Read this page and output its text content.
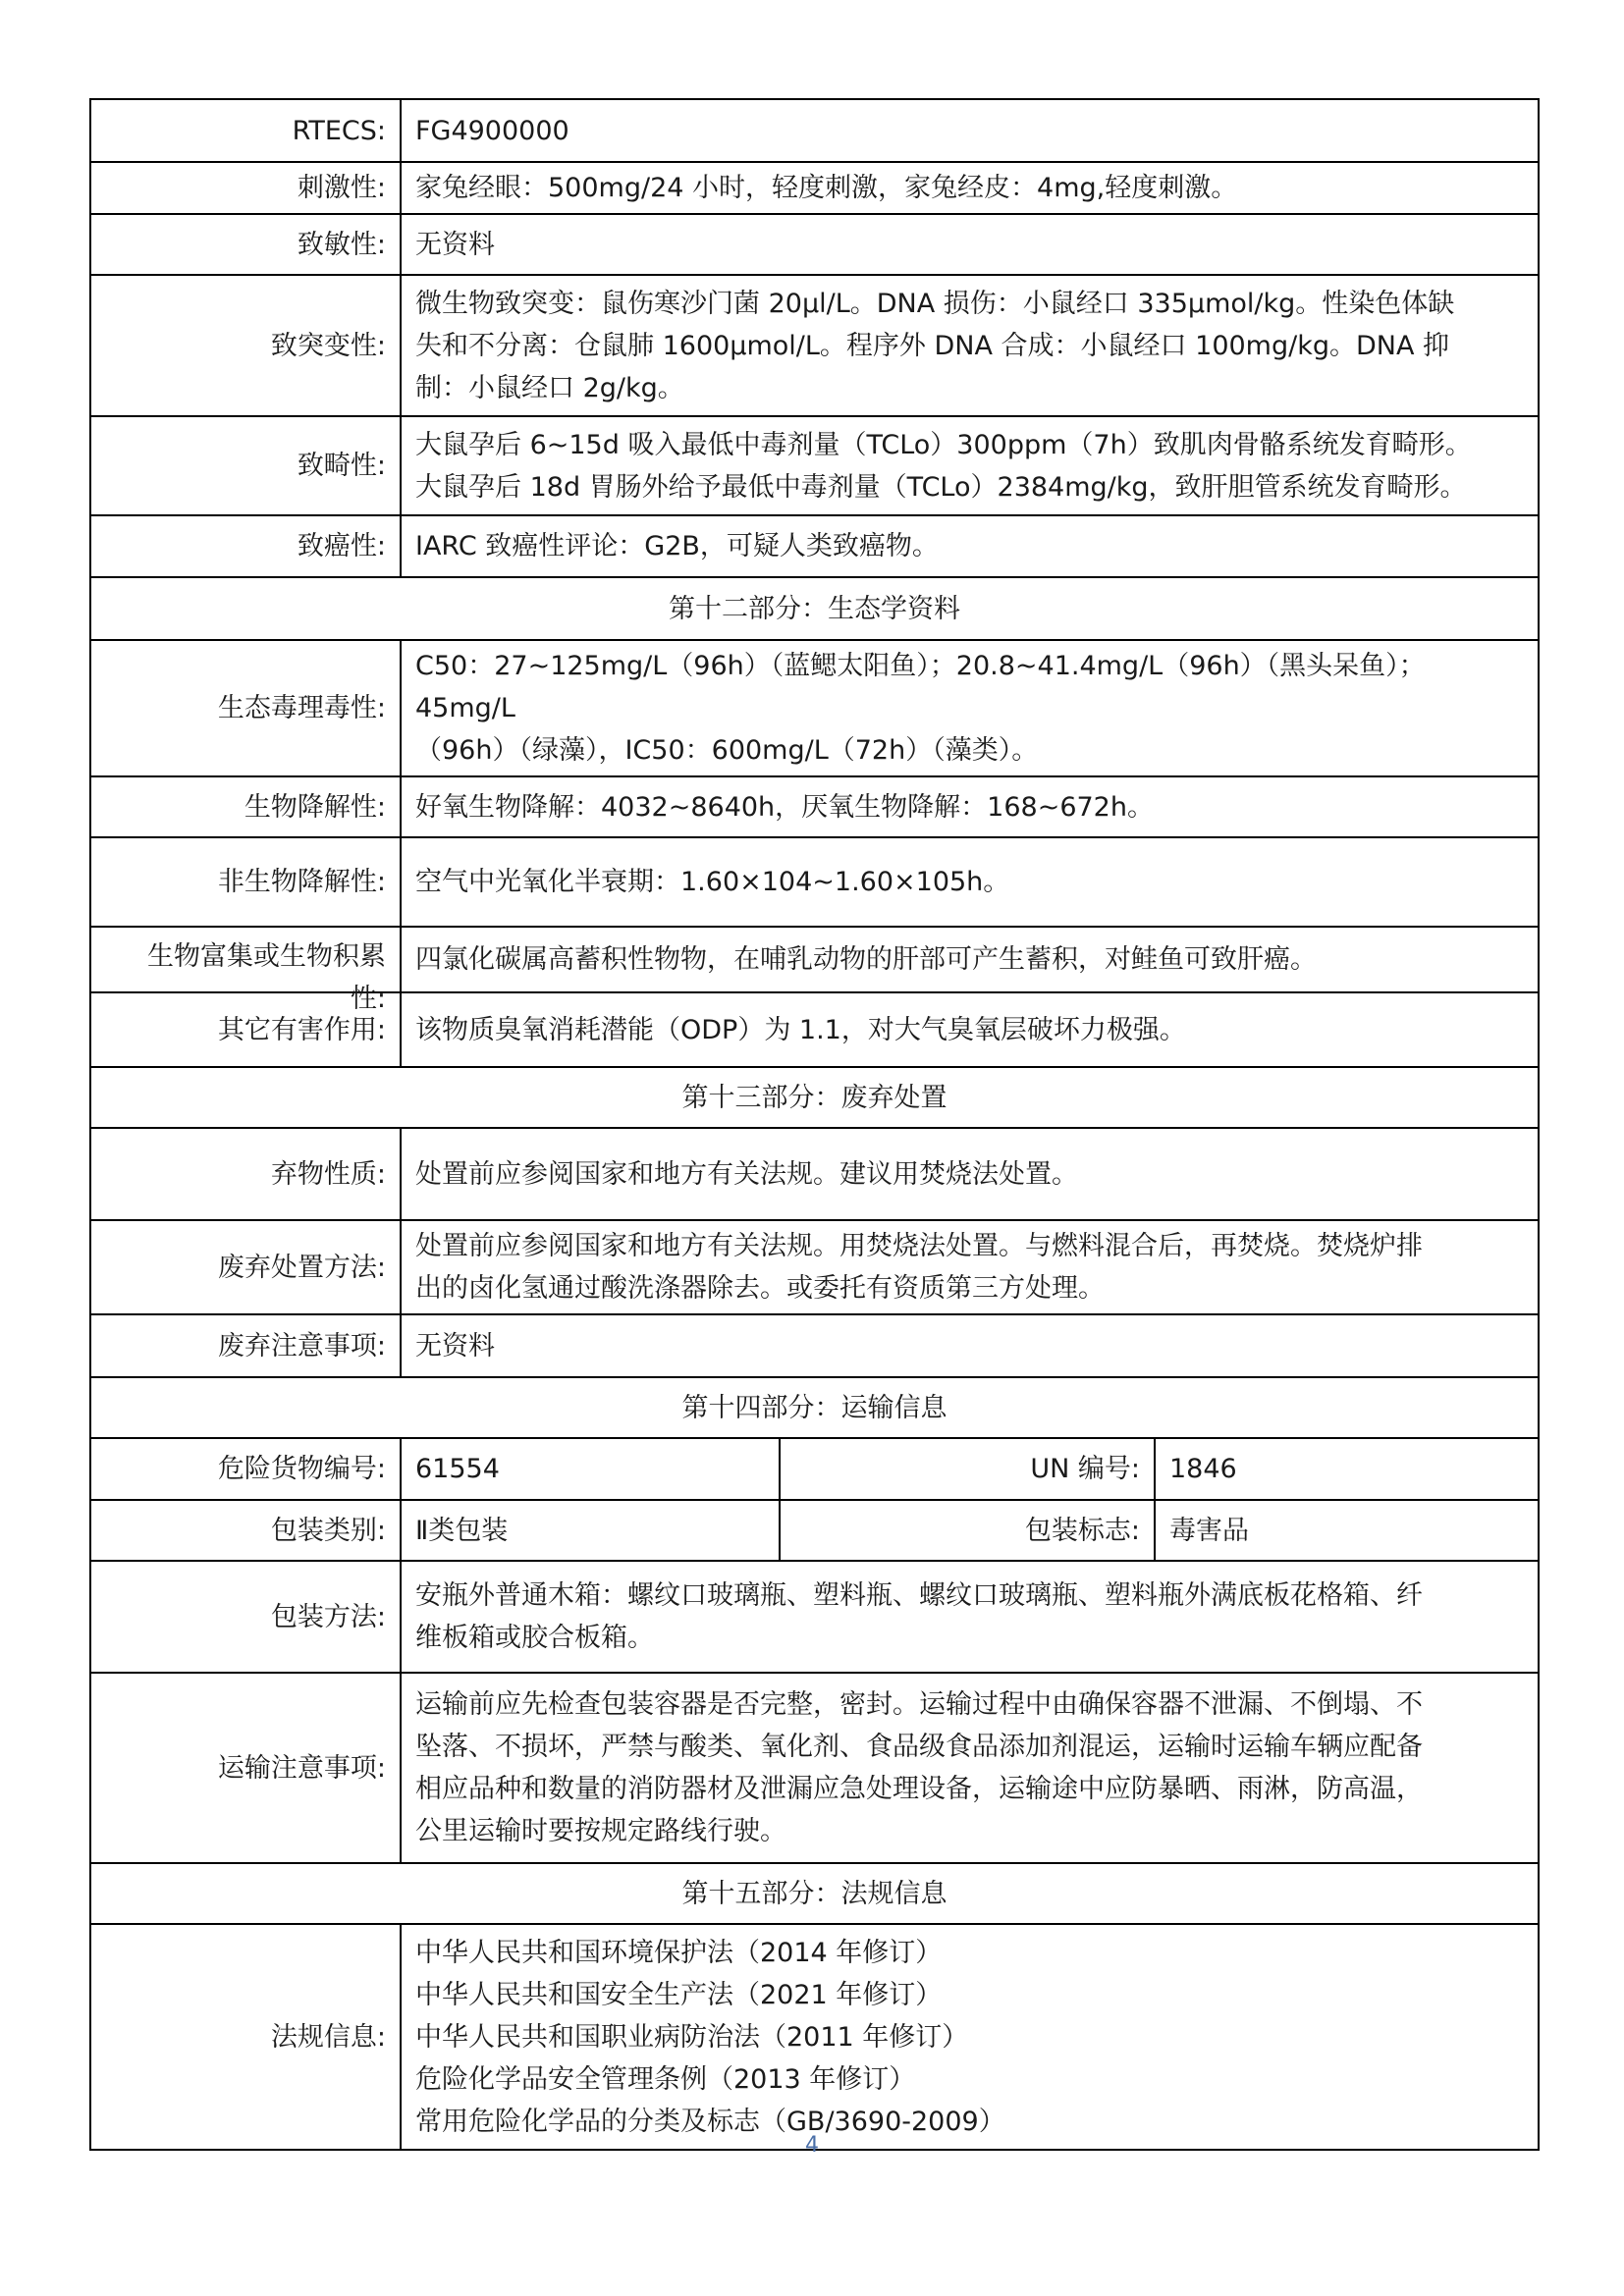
RTECS:	FG4900000		
刺激性:	家兔经眼：500mg/24 小时，轻度刺激，家兔经皮：4mg,轻度刺激。		
致敏性:	无资料		
致突变性:	微生物致突变：鼠伤寒沙门菌 20μl/L。DNA 损伤：小鼠经口 335μmol/kg。性染色体缺
失和不分离：仓鼠肺 1600μmol/L。程序外 DNA 合成：小鼠经口 100mg/kg。DNA 抑
制：小鼠经口 2g/kg。		

致畸性:	大鼠孕后 6~15d 吸入最低中毒剂量（TCLo）300ppm（7h）致肌肉骨骼系统发育畸形。
大鼠孕后 18d 胃肠外给予最低中毒剂量（TCLo）2384mg/kg，致肝胆管系统发育畸形。		

致癌性:	IARC 致癌性评论：G2B，可疑人类致癌物。		
第十二部分：生态学资料			
生态毒理毒性:	C50：27~125mg/L（96h）（蓝鳃太阳鱼）；20.8~41.4mg/L（96h）（黑头呆鱼）；45mg/L
（96h）（绿藻），IC50：600mg/L（72h）（藻类）。		

生物降解性:	好氧生物降解：4032~8640h，厌氧生物降解：168~672h。		
非生物降解性:	空气中光氧化半衰期：1.60×104~1.60×105h。		

生物富集或生物积累
性:	四氯化碳属高蓄积性物物，在哺乳动物的肝部可产生蓄积，对鲑鱼可致肝癌。		
其它有害作用:	该物质臭氧消耗潜能（ODP）为 1.1，对大气臭氧层破坏力极强。		
第十三部分：废弃处置			
弃物性质:	处置前应参阅国家和地方有关法规。建议用焚烧法处置。		
废弃处置方法:	处置前应参阅国家和地方有关法规。用焚烧法处置。与燃料混合后，再焚烧。焚烧炉排
出的卤化氢通过酸洗涤器除去。或委托有资质第三方处理。		

废弃注意事项:	无资料		
第十四部分：运输信息			
危险货物编号:	61554	UN 编号:	1846
包装类别:	Ⅱ类包装	包装标志:	毒害品
包装方法:	安瓶外普通木箱：螺纹口玻璃瓶、塑料瓶、螺纹口玻璃瓶、塑料瓶外满底板花格箱、纤
维板箱或胶合板箱。		

运输注意事项:	运输前应先检查包装容器是否完整，密封。运输过程中由确保容器不泄漏、不倒塌、不
坠落、不损坏，严禁与酸类、氧化剂、食品级食品添加剂混运，运输时运输车辆应配备
相应品种和数量的消防器材及泄漏应急处理设备，运输途中应防暴晒、雨淋，防高温，
公里运输时要按规定路线行驶。		

第十五部分：法规信息			
法规信息:	中华人民共和国环境保护法（2014 年修订）
中华人民共和国安全生产法（2021 年修订）
中华人民共和国职业病防治法（2011 年修订）
危险化学品安全管理条例（2013 年修订）
常用危险化学品的分类及标志（GB/3690-2009）		
4
